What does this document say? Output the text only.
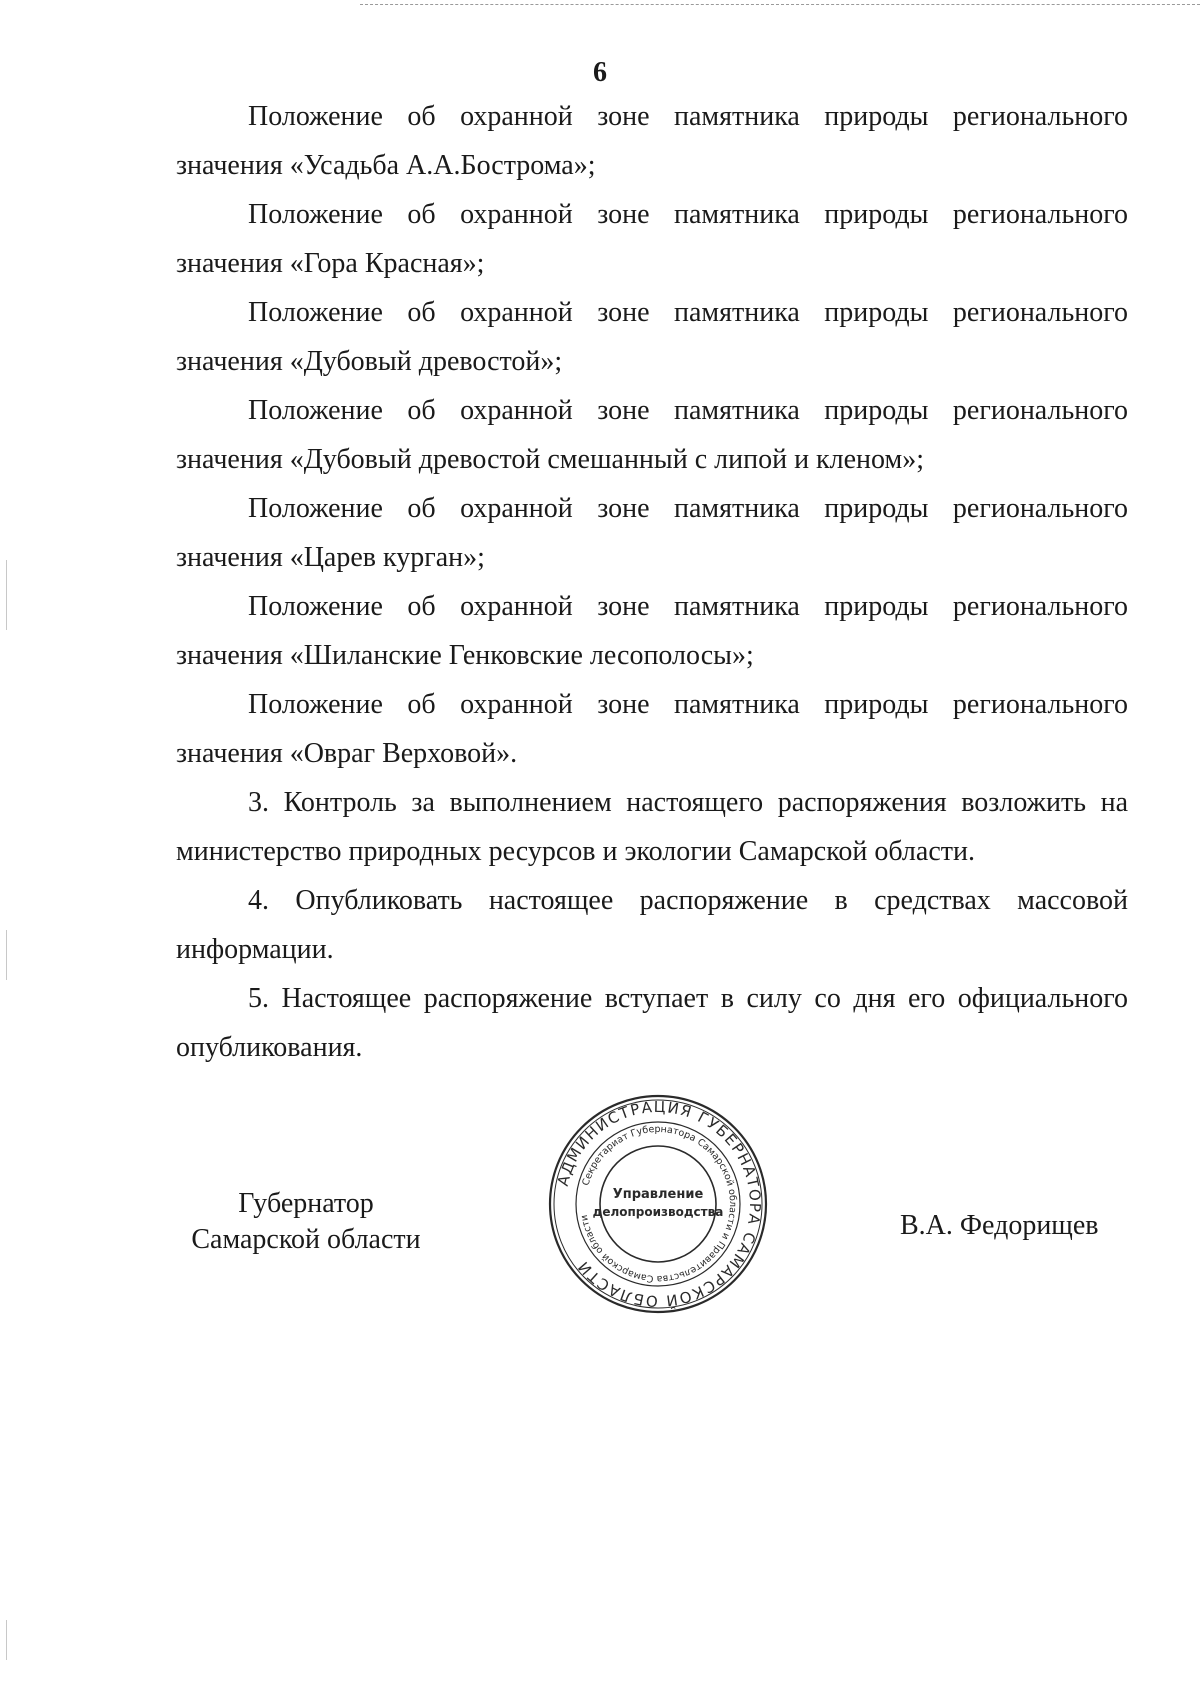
6

Положение об охранной зоне памятника природы регионального значения «Усадьба А.А.Бострома»;

Положение об охранной зоне памятника природы регионального значения «Гора Красная»;

Положение об охранной зоне памятника природы регионального значения «Дубовый древостой»;

Положение об охранной зоне памятника природы регионального значения «Дубовый древостой смешанный с липой и кленом»;

Положение об охранной зоне памятника природы регионального значения «Царев курган»;

Положение об охранной зоне памятника природы регионального значения «Шиланские Генковские лесополосы»;

Положение об охранной зоне памятника природы регионального значения «Овраг Верховой».

3. Контроль за выполнением настоящего распоряжения возложить на министерство природных ресурсов и экологии Самарской области.

4. Опубликовать настоящее распоряжение в средствах массовой информации.

5. Настоящее распоряжение вступает в силу со дня его официального опубликования.

Губернатор
Самарской области
АДМИНИСТРАЦИЯ ГУБЕРНАТОРА САМАРСКОЙ ОБЛАСТИ
Секретариат Губернатора Самарской области и Правительства Самарской области
Управление
делопроизводства	В.А. Федорищев
